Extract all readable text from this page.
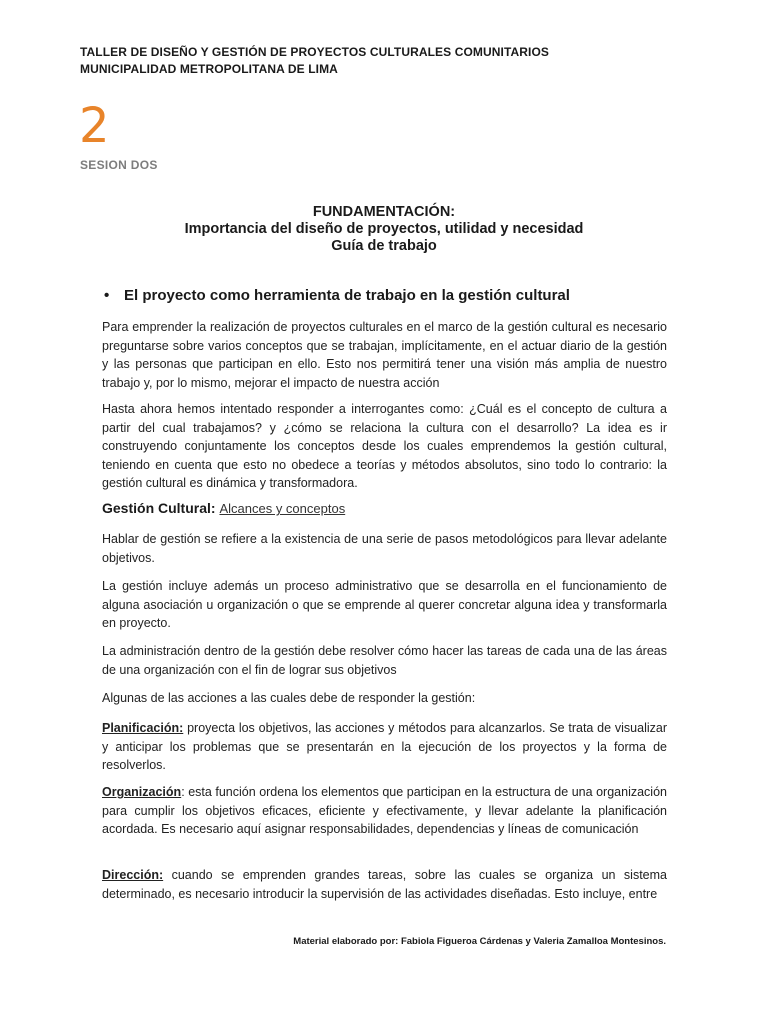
TALLER DE DISEÑO Y GESTIÓN DE PROYECTOS CULTURALES COMUNITARIOS
MUNICIPALIDAD METROPOLITANA DE LIMA
2
SESION DOS
FUNDAMENTACIÓN:
Importancia del diseño de proyectos, utilidad y necesidad
Guía de trabajo
• El proyecto como herramienta de trabajo en la gestión cultural
Para emprender la realización de proyectos culturales en el marco de la gestión cultural es necesario preguntarse sobre varios conceptos que se trabajan, implícitamente, en el actuar diario de la gestión y las personas que participan en ello. Esto nos permitirá tener una visión más amplia de nuestro trabajo y, por lo mismo, mejorar el impacto de nuestra acción
Hasta ahora hemos intentado responder a interrogantes como: ¿Cuál es el concepto de cultura a partir del cual trabajamos? y ¿cómo se relaciona la cultura con el desarrollo? La idea es ir construyendo conjuntamente los conceptos desde los cuales emprendemos la gestión cultural, teniendo en cuenta que esto no obedece a teorías y métodos absolutos, sino todo lo contrario: la gestión cultural es dinámica y transformadora.
Gestión Cultural: Alcances y conceptos
Hablar de gestión se refiere a la existencia de una serie de pasos metodológicos para llevar adelante objetivos.
La gestión incluye además un proceso administrativo que se desarrolla en el funcionamiento de alguna asociación u organización o que se emprende al querer concretar alguna idea y transformarla en proyecto.
La administración dentro de la gestión debe resolver cómo hacer las tareas de cada una de las áreas de una organización con el fin de lograr sus objetivos
Algunas de las acciones a las cuales debe de responder la gestión:
Planificación: proyecta los objetivos, las acciones y métodos para alcanzarlos. Se trata de visualizar y anticipar los problemas que se presentarán en la ejecución de los proyectos y la forma de resolverlos.
Organización: esta función ordena los elementos que participan en la estructura de una organización para cumplir los objetivos eficaces, eficiente y efectivamente, y llevar adelante la planificación acordada. Es necesario aquí asignar responsabilidades, dependencias y líneas de comunicación
Dirección: cuando se emprenden grandes tareas, sobre las cuales se organiza un sistema determinado, es necesario introducir la supervisión de las actividades diseñadas. Esto incluye, entre
Material elaborado por: Fabiola Figueroa Cárdenas y Valeria Zamalloa Montesinos.
